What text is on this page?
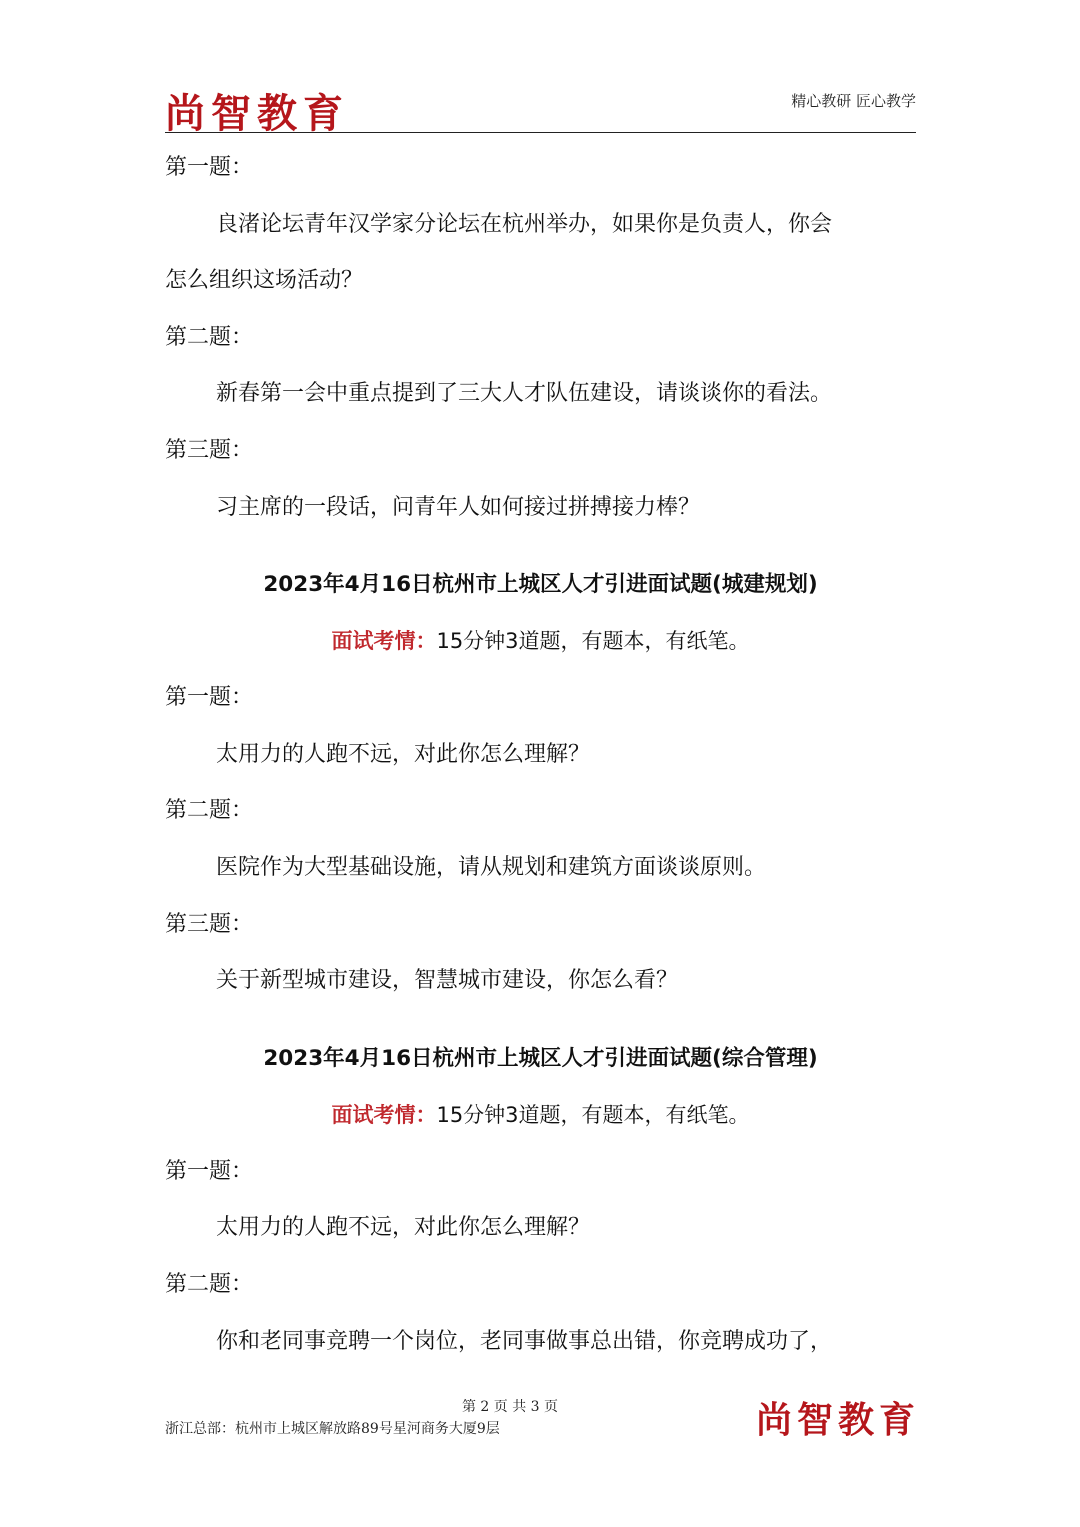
尚智教育	精心教研 匠心教学
第一题：
良渚论坛青年汉学家分论坛在杭州举办，如果你是负责人，你会
怎么组织这场活动？
第二题：
新春第一会中重点提到了三大人才队伍建设，请谈谈你的看法。
第三题：
习主席的一段话，问青年人如何接过拼搏接力棒？
2023年4月16日杭州市上城区人才引进面试题(城建规划)
面试考情：15分钟3道题，有题本，有纸笔。
第一题：
太用力的人跑不远，对此你怎么理解？
第二题：
医院作为大型基础设施，请从规划和建筑方面谈谈原则。
第三题：
关于新型城市建设，智慧城市建设，你怎么看？
2023年4月16日杭州市上城区人才引进面试题(综合管理)
面试考情：15分钟3道题，有题本，有纸笔。
第一题：
太用力的人跑不远，对此你怎么理解？
第二题：
你和老同事竞聘一个岗位，老同事做事总出错，你竞聘成功了，
第 2 页 共 3 页
浙江总部：杭州市上城区解放路89号星河商务大厦9层	尚智教育
